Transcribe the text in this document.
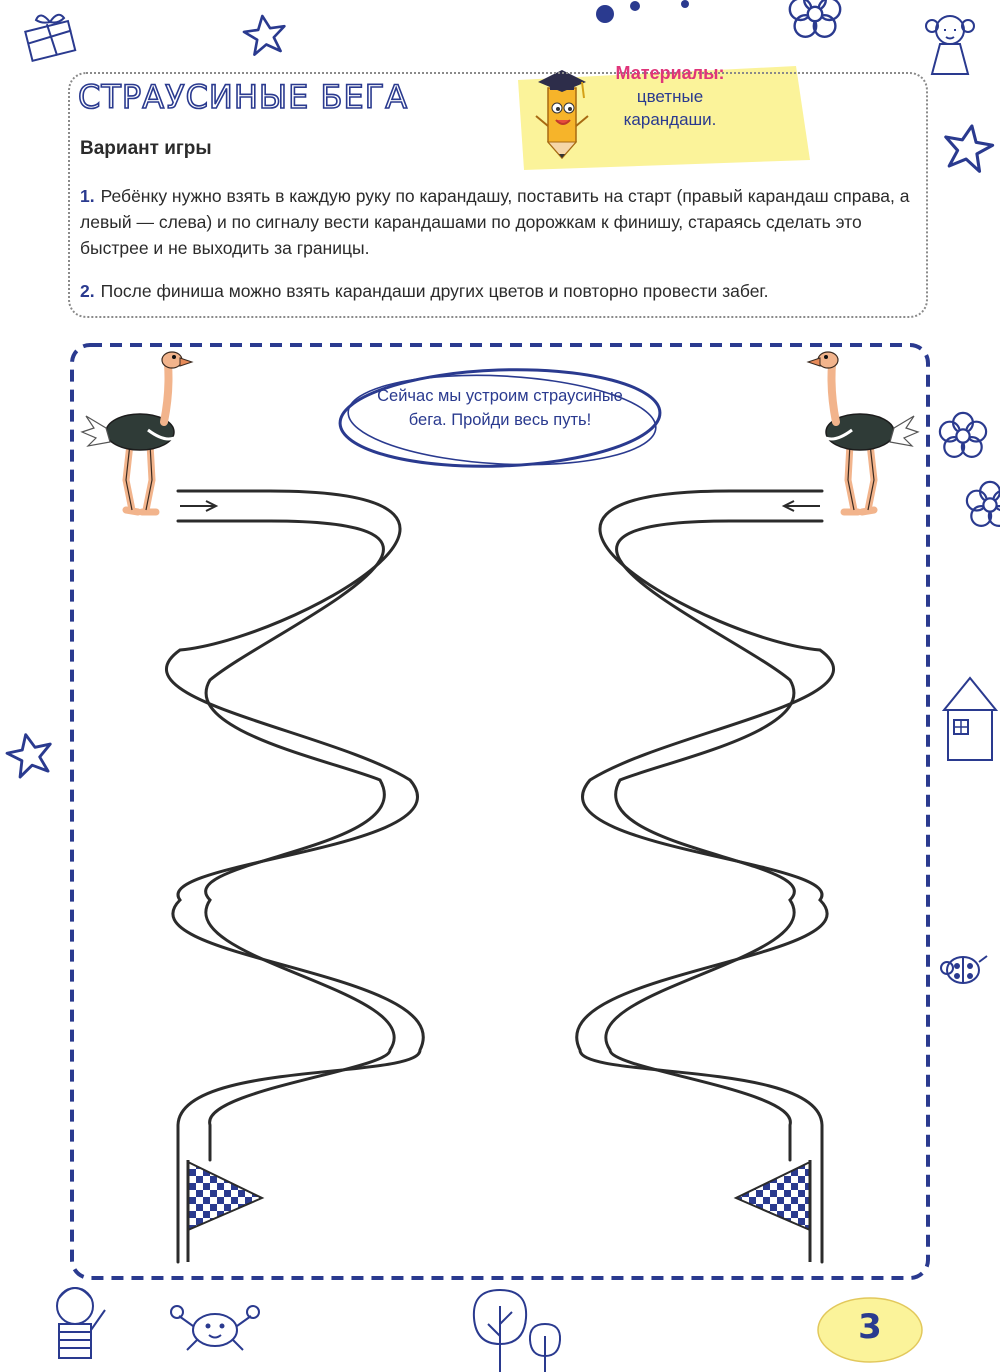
СТРАУСИНЫЕ БЕГА
Вариант игры

1. Ребёнку нужно взять в каждую руку по карандашу, поставить на старт (правый карандаш справа, а левый — слева) и по сигналу вести карандашами по дорожкам к финишу, стараясь сделать это быстрее и не выходить за границы.

2. После финиша можно взять карандаши других цветов и повторно провести забег.

Материалы:
цветные карандаши.
Сейчас мы устроим страусиные бега. Пройди весь путь!
3
